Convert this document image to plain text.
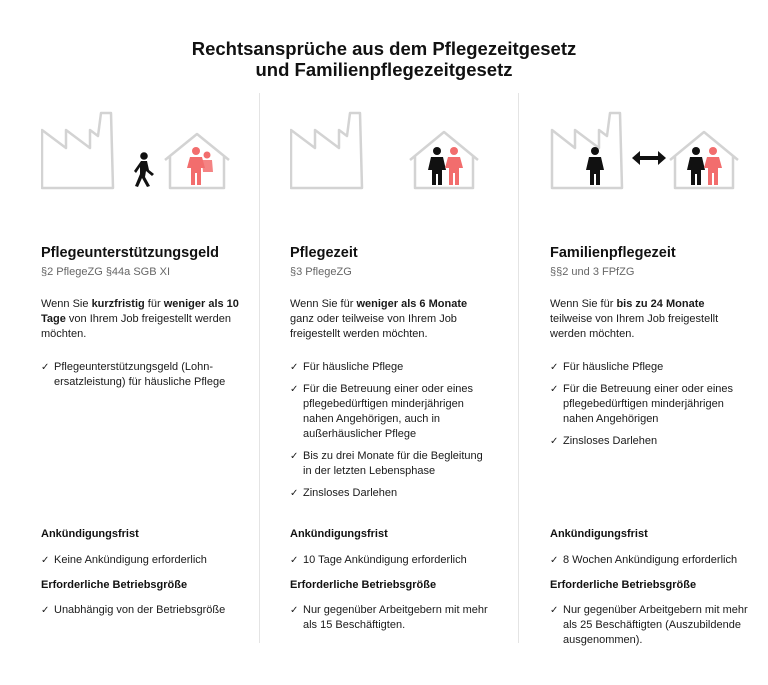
Rechtsansprüche aus dem Pflegezeitgesetz
und Familienpflegezeitgesetz
Pflegeunterstützungsgeld
§2 PflegeZG §44a SGB XI
Wenn Sie kurzfristig für weniger als 10 Tage von Ihrem Job freigestellt werden möchten.
✓ Pflegeunterstützungsgeld (Lohn-ersatzleistung) für häusliche Pflege
Ankündigungsfrist
✓ Keine Ankündigung erforderlich
Erforderliche Betriebsgröße
✓ Unabhängig von der Betriebsgröße
Pflegezeit
§3 PflegeZG
Wenn Sie für weniger als 6 Monate ganz oder teilweise von Ihrem Job freigestellt werden möchten.
✓ Für häusliche Pflege
✓ Für die Betreuung einer oder eines pflegebedürftigen minderjährigen nahen Angehörigen, auch in außerhäuslicher Pflege
✓ Bis zu drei Monate für die Begleitung in der letzten Lebensphase
✓ Zinsloses Darlehen
Ankündigungsfrist
✓ 10 Tage Ankündigung erforderlich
Erforderliche Betriebsgröße
✓ Nur gegenüber Arbeitgebern mit mehr als 15 Beschäftigten.
Familienpflegezeit
§§2 und 3 FPfZG
Wenn Sie für bis zu 24 Monate teilweise von Ihrem Job freigestellt werden möchten.
✓ Für häusliche Pflege
✓ Für die Betreuung einer oder eines pflegebedürftigen minderjährigen nahen Angehörigen
✓ Zinsloses Darlehen
Ankündigungsfrist
✓ 8 Wochen Ankündigung erforderlich
Erforderliche Betriebsgröße
✓ Nur gegenüber Arbeitgebern mit mehr als 25 Beschäftigten (Auszubildende ausgenommen).
